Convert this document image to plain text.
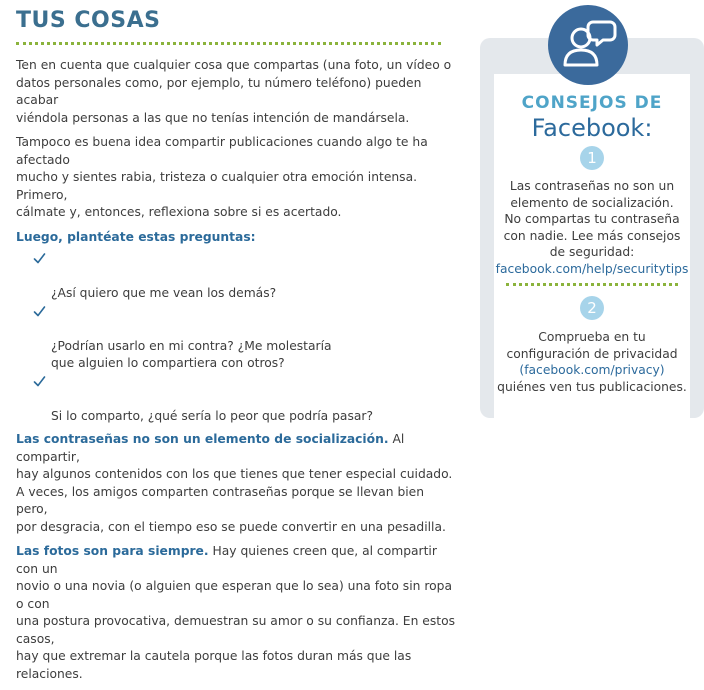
TUS COSAS

Ten en cuenta que cualquier cosa que compartas (una foto, un vídeo o
datos personales como, por ejemplo, tu número teléfono) pueden acabar
viéndola personas a las que no tenías intención de mandársela.

Tampoco es buena idea compartir publicaciones cuando algo te ha afectado
mucho y sientes rabia, tristeza o cualquier otra emoción intensa. Primero,
cálmate y, entonces, reflexiona sobre si es acertado.

Luego, plantéate estas preguntas:

¿Así quiero que me vean los demás?

¿Podrían usarlo en mi contra? ¿Me molestaría
que alguien lo compartiera con otros?

Si lo comparto, ¿qué sería lo peor que podría pasar?

Las contraseñas no son un elemento de socialización. Al compartir,
hay algunos contenidos con los que tienes que tener especial cuidado.
A veces, los amigos comparten contraseñas porque se llevan bien pero,
por desgracia, con el tiempo eso se puede convertir en una pesadilla.

Las fotos son para siempre. Hay quienes creen que, al compartir con un
novio o una novia (o alguien que esperan que lo sea) una foto sin ropa o con
una postura provocativa, demuestran su amor o su confianza. En estos casos,
hay que extremar la cautela porque las fotos duran más que las relaciones.

CONSEJOS DE
Facebook:
1
Las contraseñas no son un
elemento de socialización.
No compartas tu contraseña
con nadie. Lee más consejos
de seguridad:
facebook.com/help/securitytips
2
Comprueba en tu
configuración de privacidad
(facebook.com/privacy)
quiénes ven tus publicaciones.
